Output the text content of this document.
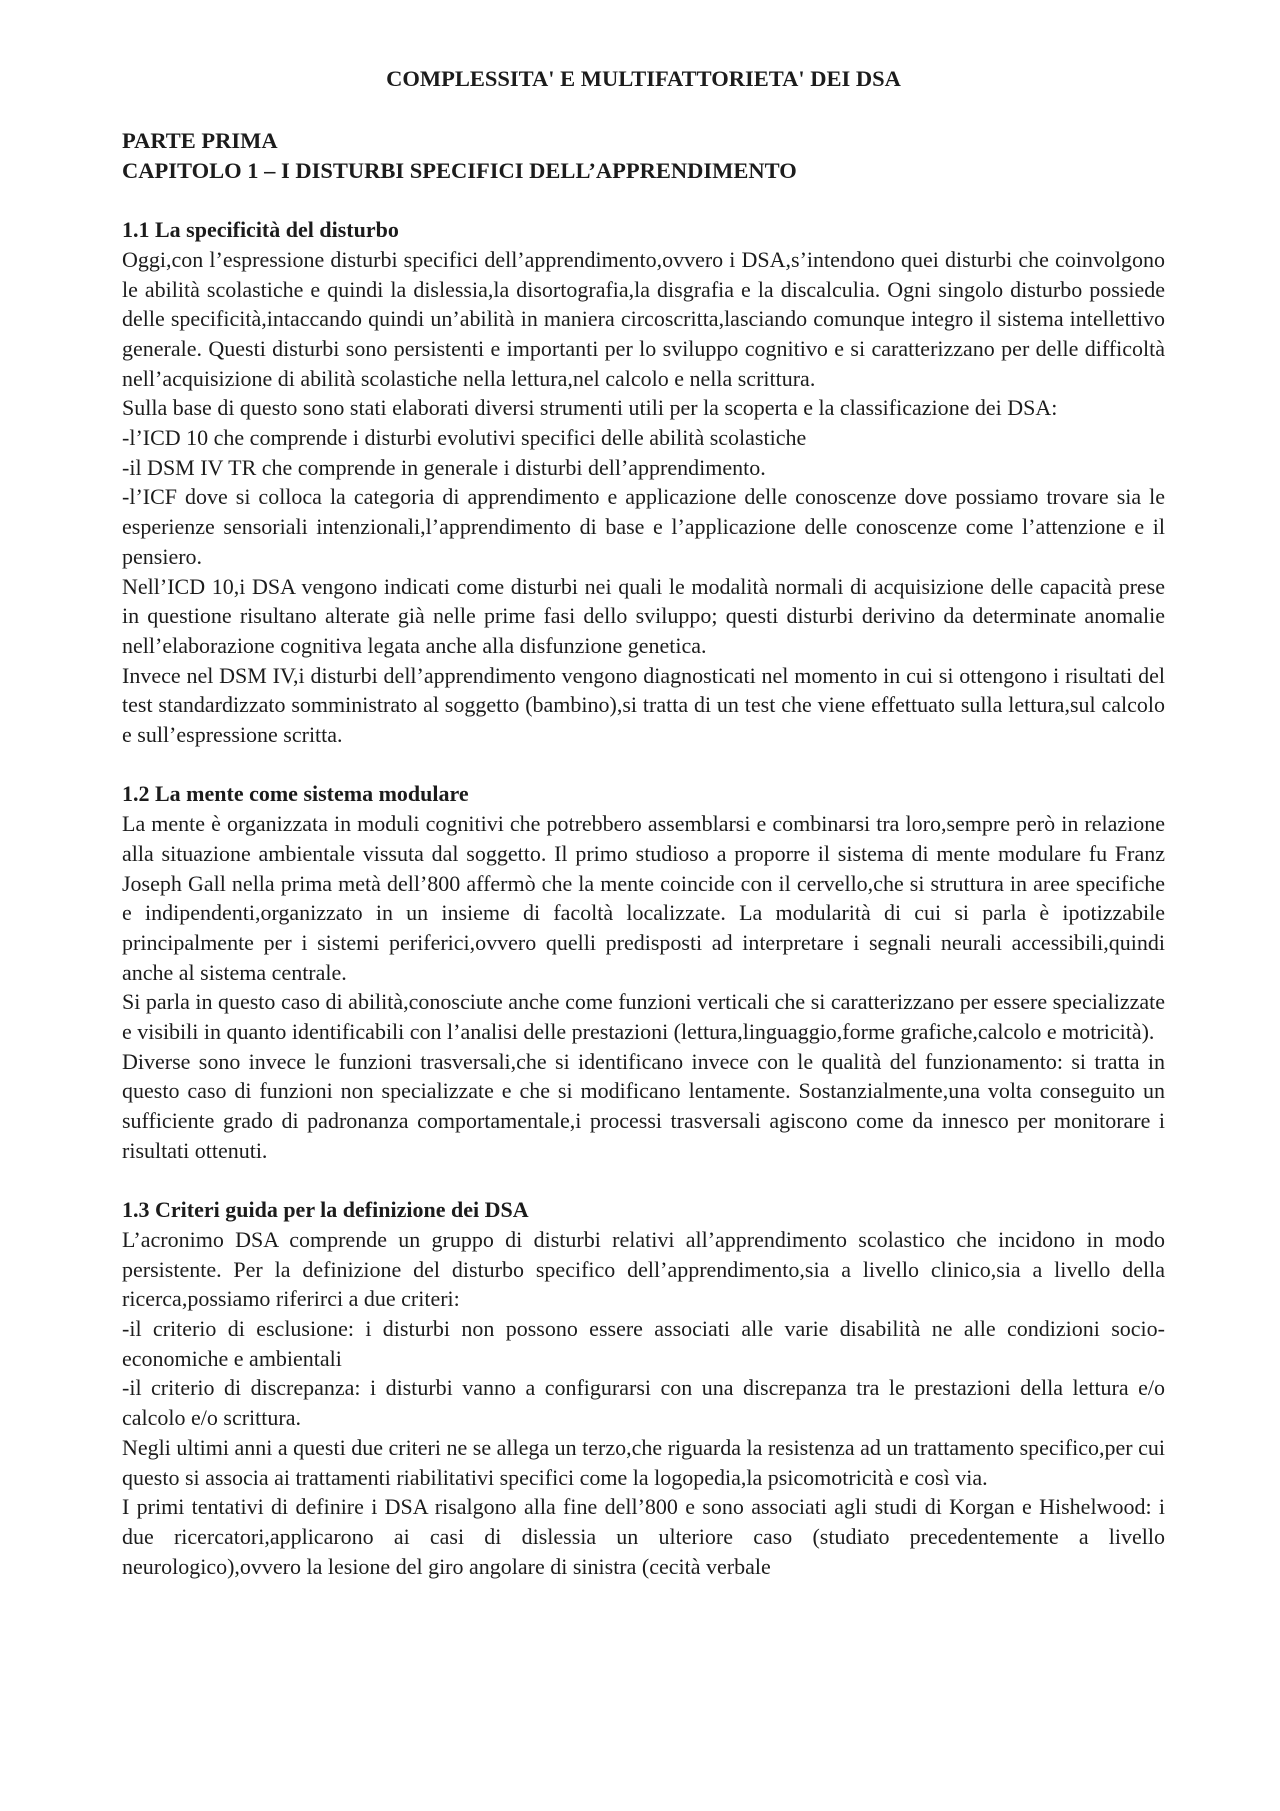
COMPLESSITA' E MULTIFATTORIETA' DEI DSA
PARTE PRIMA
CAPITOLO 1 – I DISTURBI SPECIFICI DELL’APPRENDIMENTO
1.1 La specificità del disturbo

Oggi,con l’espressione disturbi specifici dell’apprendimento,ovvero i DSA,s’intendono quei disturbi che coinvolgono le abilità scolastiche e quindi la dislessia,la disortografia,la disgrafia e la discalculia. Ogni singolo disturbo possiede delle specificità,intaccando quindi un’abilità in maniera circoscritta,lasciando comunque integro il sistema intellettivo generale. Questi disturbi sono persistenti e importanti per lo sviluppo cognitivo e si caratterizzano per delle difficoltà nell’acquisizione di abilità scolastiche nella lettura,nel calcolo e nella scrittura.

Sulla base di questo sono stati elaborati diversi strumenti utili per la scoperta e la classificazione dei DSA:

-l’ICD 10 che comprende i disturbi evolutivi specifici delle abilità scolastiche

-il DSM IV TR che comprende in generale i disturbi dell’apprendimento.

-l’ICF dove si colloca la categoria di apprendimento e applicazione delle conoscenze dove possiamo trovare sia le esperienze sensoriali intenzionali,l’apprendimento di base e l’applicazione delle conoscenze come l’attenzione e il pensiero.

Nell’ICD 10,i DSA vengono indicati come disturbi nei quali le modalità normali di acquisizione delle capacità prese in questione risultano alterate già nelle prime fasi dello sviluppo; questi disturbi derivino da determinate anomalie nell’elaborazione cognitiva legata anche alla disfunzione genetica.

Invece nel DSM IV,i disturbi dell’apprendimento vengono diagnosticati nel momento in cui si ottengono i risultati del test standardizzato somministrato al soggetto (bambino),si tratta di un test che viene effettuato sulla lettura,sul calcolo e sull’espressione scritta.

1.2 La mente come sistema modulare

La mente è organizzata in moduli cognitivi che potrebbero assemblarsi e combinarsi tra loro,sempre però in relazione alla situazione ambientale vissuta dal soggetto. Il primo studioso a proporre il sistema di mente modulare fu Franz Joseph Gall nella prima metà dell’800 affermò che la mente coincide con il cervello,che si struttura in aree specifiche e indipendenti,organizzato in un insieme di facoltà localizzate. La modularità di cui si parla è ipotizzabile principalmente per i sistemi periferici,ovvero quelli predisposti ad interpretare i segnali neurali accessibili,quindi anche al sistema centrale.

Si parla in questo caso di abilità,conosciute anche come funzioni verticali che si caratterizzano per essere specializzate e visibili in quanto identificabili con l’analisi delle prestazioni (lettura,linguaggio,forme grafiche,calcolo e motricità).

Diverse sono invece le funzioni trasversali,che si identificano invece con le qualità del funzionamento: si tratta in questo caso di funzioni non specializzate e che si modificano lentamente. Sostanzialmente,una volta conseguito un sufficiente grado di padronanza comportamentale,i processi trasversali agiscono come da innesco per monitorare i risultati ottenuti.

1.3 Criteri guida per la definizione dei DSA

L’acronimo DSA comprende un gruppo di disturbi relativi all’apprendimento scolastico che incidono in modo persistente. Per la definizione del disturbo specifico dell’apprendimento,sia a livello clinico,sia a livello della ricerca,possiamo riferirci a due criteri:

-il criterio di esclusione: i disturbi non possono essere associati alle varie disabilità ne alle condizioni socio-economiche e ambientali

-il criterio di discrepanza: i disturbi vanno a configurarsi con una discrepanza tra le prestazioni della lettura e/o calcolo e/o scrittura.

Negli ultimi anni a questi due criteri ne se allega un terzo,che riguarda la resistenza ad un trattamento specifico,per cui questo si associa ai trattamenti riabilitativi specifici come la logopedia,la psicomotricità e così via.

I primi tentativi di definire i DSA risalgono alla fine dell’800 e sono associati agli studi di Korgan e Hishelwood: i due ricercatori,applicarono ai casi di dislessia un ulteriore caso (studiato precedentemente a livello neurologico),ovvero la lesione del giro angolare di sinistra (cecità verbale
